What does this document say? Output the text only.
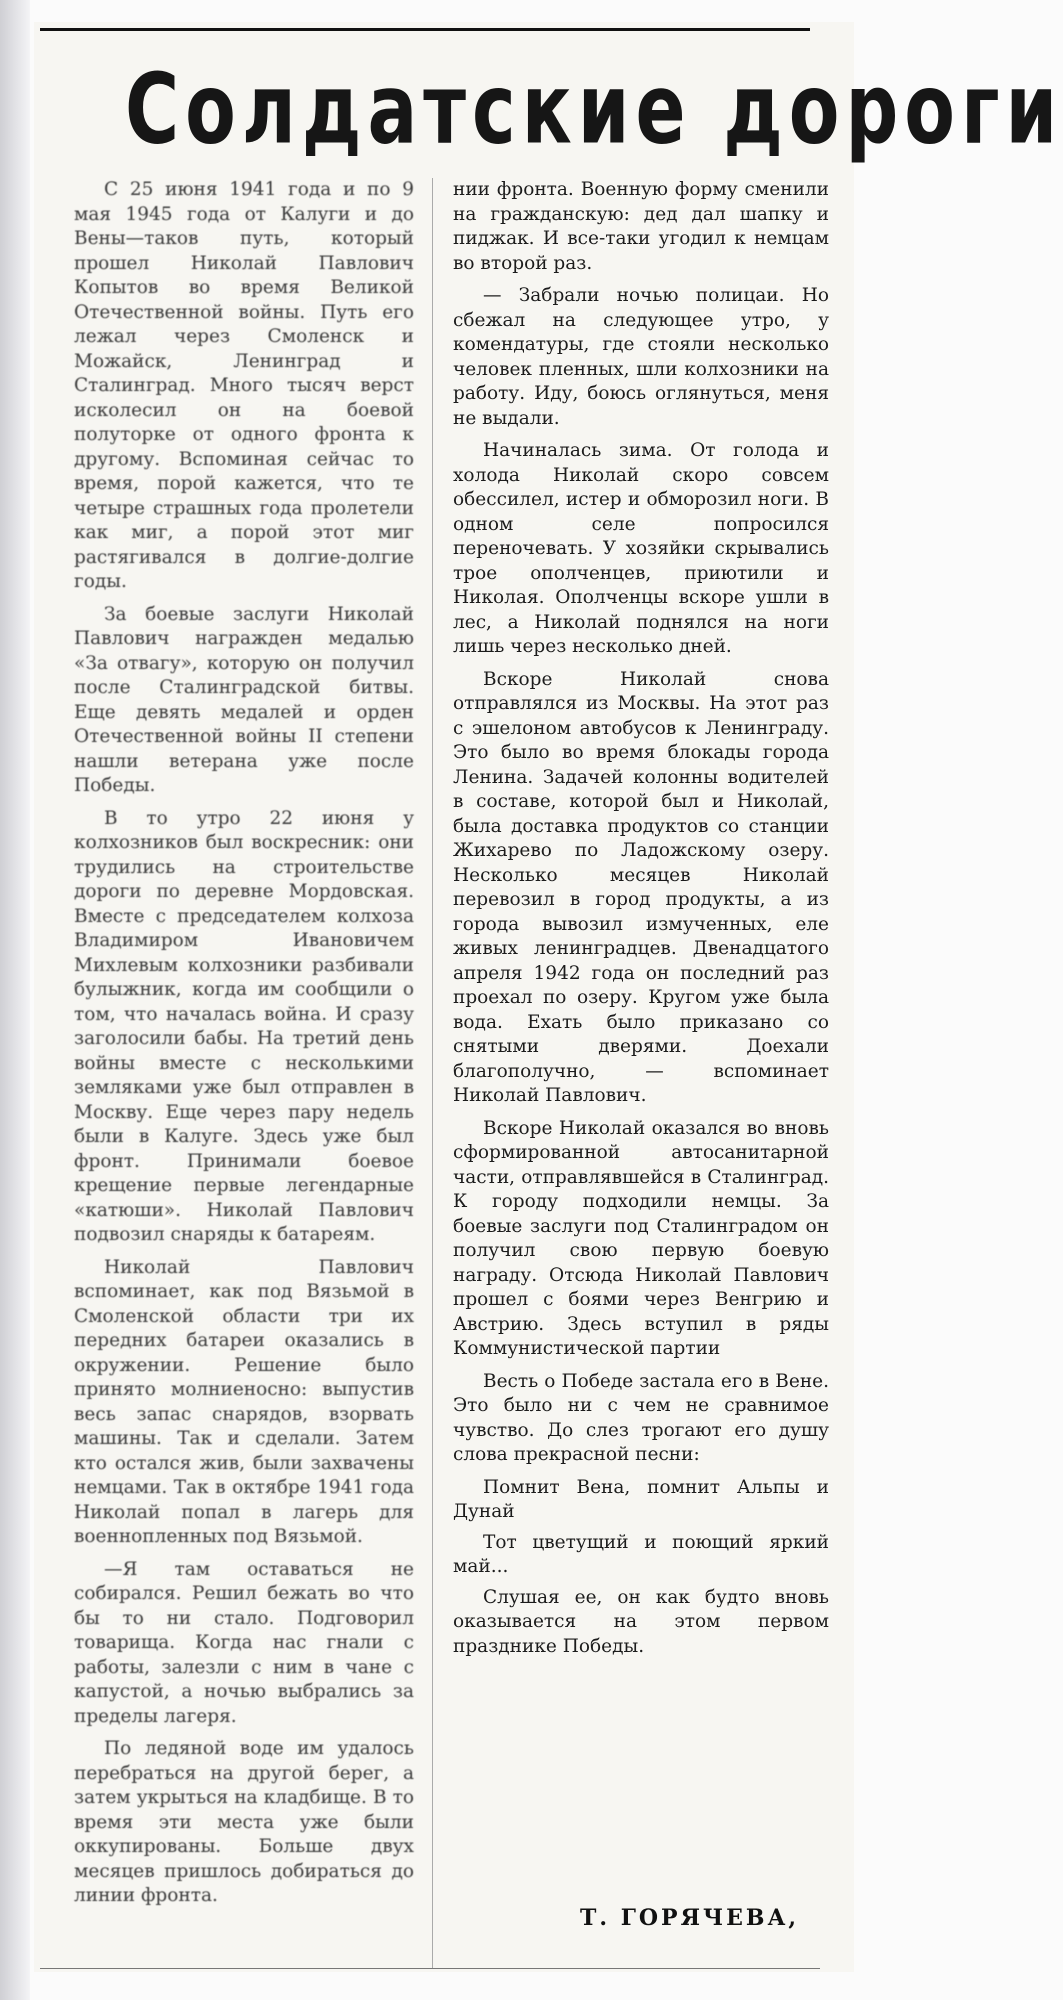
Солдатские дороги

С 25 июня 1941 года и по 9 мая 1945 года от Калуги и до Вены—таков путь, который прошел Николай Павлович Копытов во время Великой Отечественной войны. Путь его лежал через Смоленск и Можайск, Ленинград и Сталинград. Много тысяч верст исколесил он на боевой полуторке от одного фронта к другому. Вспоминая сейчас то время, порой кажется, что те четыре страшных года пролетели как миг, а порой этот миг растягивался в долгие-долгие годы.

За боевые заслуги Николай Павлович награжден медалью «За отвагу», которую он получил после Сталинградской битвы. Еще девять медалей и орден Отечественной войны II степени нашли ветерана уже после Победы.

В то утро 22 июня у колхозников был воскресник: они трудились на строительстве дороги по деревне Мордовская. Вместе с председателем колхоза Владимиром Ивановичем Михлевым колхозники разбивали булыжник, когда им сообщили о том, что началась война. И сразу заголосили бабы. На третий день войны вместе с несколькими земляками уже был отправлен в Москву. Еще через пару недель были в Калуге. Здесь уже был фронт. Принимали боевое крещение первые легендарные «катюши». Николай Павлович подвозил снаряды к батареям.

Николай Павлович вспоминает, как под Вязьмой в Смоленской области три их передних батареи оказались в окружении. Решение было принято молниеносно: выпустив весь запас снарядов, взорвать машины. Так и сделали. Затем кто остался жив, были захвачены немцами. Так в октябре 1941 года Николай попал в лагерь для военнопленных под Вязьмой.

—Я там оставаться не собирался. Решил бежать во что бы то ни стало. Подговорил товарища. Когда нас гнали с работы, залезли с ним в чане с капустой, а ночью выбрались за пределы лагеря.

По ледяной воде им удалось перебраться на другой берег, а затем укрыться на кладбище. В то время эти места уже были оккупированы. Больше двух месяцев пришлось добираться до линии фронта.

нии фронта. Военную форму сменили на гражданскую: дед дал шапку и пиджак. И все-таки угодил к немцам во второй раз.

— Забрали ночью полицаи. Но сбежал на следующее утро, у комендатуры, где стояли несколько человек пленных, шли колхозники на работу. Иду, боюсь оглянуться, меня не выдали.

Начиналась зима. От голода и холода Николай скоро совсем обессилел, истер и обморозил ноги. В одном селе попросился переночевать. У хозяйки скрывались трое ополченцев, приютили и Николая. Ополченцы вскоре ушли в лес, а Николай поднялся на ноги лишь через несколько дней.

Вскоре Николай снова отправлялся из Москвы. На этот раз с эшелоном автобусов к Ленинграду. Это было во время блокады города Ленина. Задачей колонны водителей в составе, которой был и Николай, была доставка продуктов со станции Жихарево по Ладожскому озеру. Несколько месяцев Николай перевозил в город продукты, а из города вывозил измученных, еле живых ленинградцев. Двенадцатого апреля 1942 года он последний раз проехал по озеру. Кругом уже была вода. Ехать было приказано со снятыми дверями. Доехали благополучно, — вспоминает Николай Павлович.

Вскоре Николай оказался во вновь сформированной автосанитарной части, отправлявшейся в Сталинград. К городу подходили немцы. За боевые заслуги под Сталинградом он получил свою первую боевую награду. Отсюда Николай Павлович прошел с боями через Венгрию и Австрию. Здесь вступил в ряды Коммунистической партии

Весть о Победе застала его в Вене. Это было ни с чем не сравнимое чувство. До слез трогают его душу слова прекрасной песни:

Помнит Вена, помнит Альпы и Дунай

Тот цветущий и поющий яркий май...

Слушая ее, он как будто вновь оказывается на этом первом празднике Победы.

Т. ГОРЯЧЕВА,
